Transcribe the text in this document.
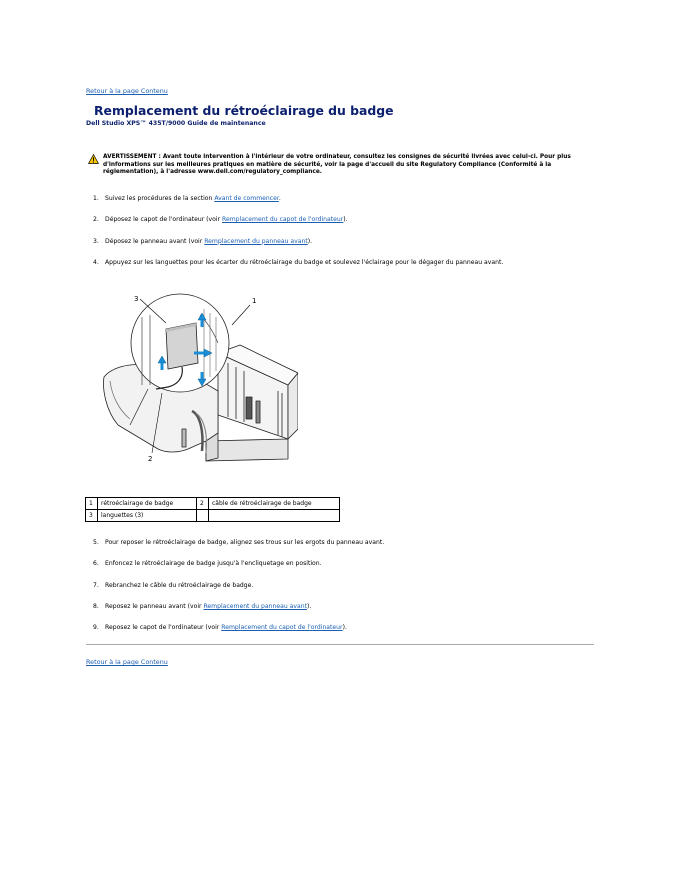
Retour à la page Contenu
Remplacement du rétroéclairage du badge
Dell Studio XPS™ 435T/9000 Guide de maintenance
AVERTISSEMENT : Avant toute intervention à l'intérieur de votre ordinateur, consultez les consignes de sécurité livrées avec celui-ci. Pour plus d'informations sur les meilleures pratiques en matière de sécurité, voir la page d'accueil du site Regulatory Compliance (Conformité à la réglementation), à l'adresse www.dell.com/regulatory_compliance.
1. Suivez les procédures de la section Avant de commencer.
2. Déposez le capot de l'ordinateur (voir Remplacement du capot de l'ordinateur).
3. Déposez le panneau avant (voir Remplacement du panneau avant).
4. Appuyez sur les languettes pour les écarter du rétroéclairage du badge et soulevez l'éclairage pour le dégager du panneau avant.
1
2
3
1	rétroéclairage de badge	2	câble de rétroéclairage de badge
3	languettes (3)		
5. Pour reposer le rétroéclairage de badge, alignez ses trous sur les ergots du panneau avant.
6. Enfoncez le rétroéclairage de badge jusqu'à l'encliquetage en position.
7. Rebranchez le câble du rétroéclairage de badge.
8. Reposez le panneau avant (voir Remplacement du panneau avant).
9. Reposez le capot de l'ordinateur (voir Remplacement du capot de l'ordinateur).
Retour à la page Contenu
